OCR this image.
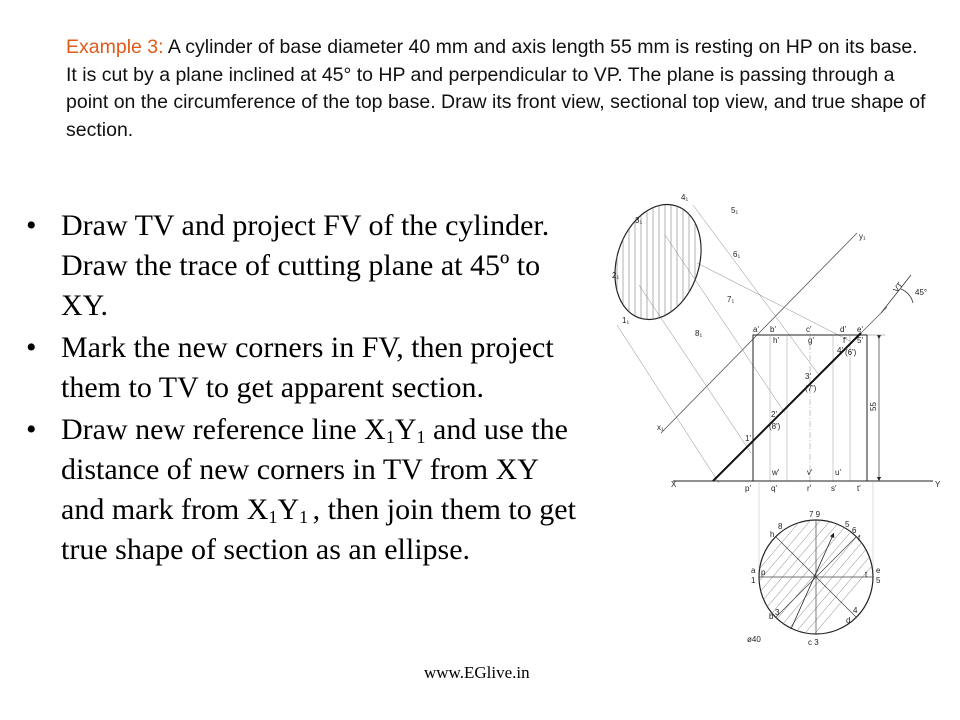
Example 3: A cylinder of base diameter 40 mm and axis length 55 mm is resting on HP on its base. It is cut by a plane inclined at 45° to HP and perpendicular to VP. The plane is passing through a point on the circumference of the top base. Draw its front view, sectional top view, and true shape of section.
• Draw TV and project FV of the cylinder. Draw the trace of cutting plane at 45º to XY.
• Mark the new corners in FV, then project them to TV to get apparent section.
• Draw new reference line $X_1Y_1$ and use the distance of new corners in TV from XY and mark from $X_1Y_1$ , then join them to get true shape of section as an ellipse.
www.EGlive.in
x₁
y₁
1₁
2₁
3₁
4₁
5₁
6₁
7₁
8₁
VT 45°
55
X	Y
a' b'	c'	d' e'
h'	g'	f'
p'	q'	r' s'	t'
w'	v'	u'
1'
2'
(8')
3'
(7')
4' (6')
5'
ø40
7 9
h
8	5
6
f
a
1
p	e
5
t
b 3	4
d
c 3
